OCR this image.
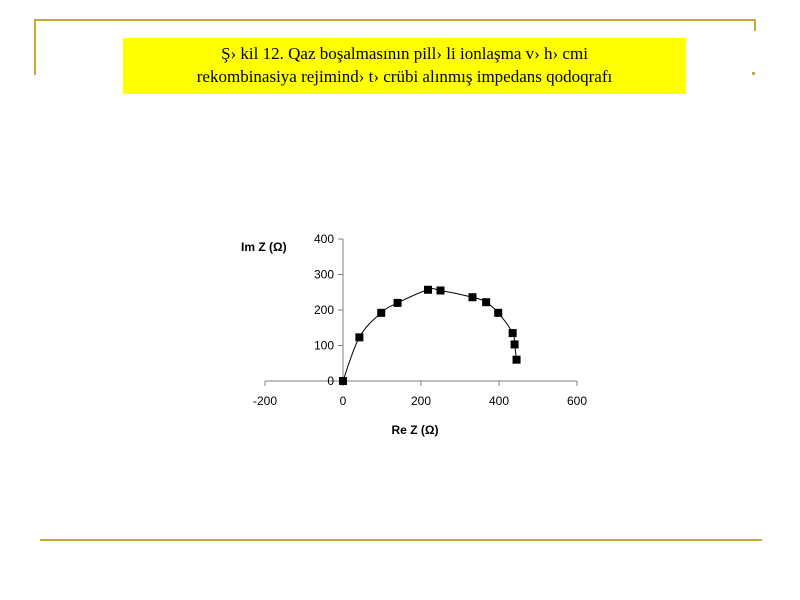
Ş› kil 12. Qaz boşalmasının pill› li ionlaşma v› h› cmi
rekombinasiya rejimind› t› crübi alınmış impedans qodoqrafı
-200	0	200	400	600
0
100
200
300
400
Im Z (Ω)
Re Z (Ω)
